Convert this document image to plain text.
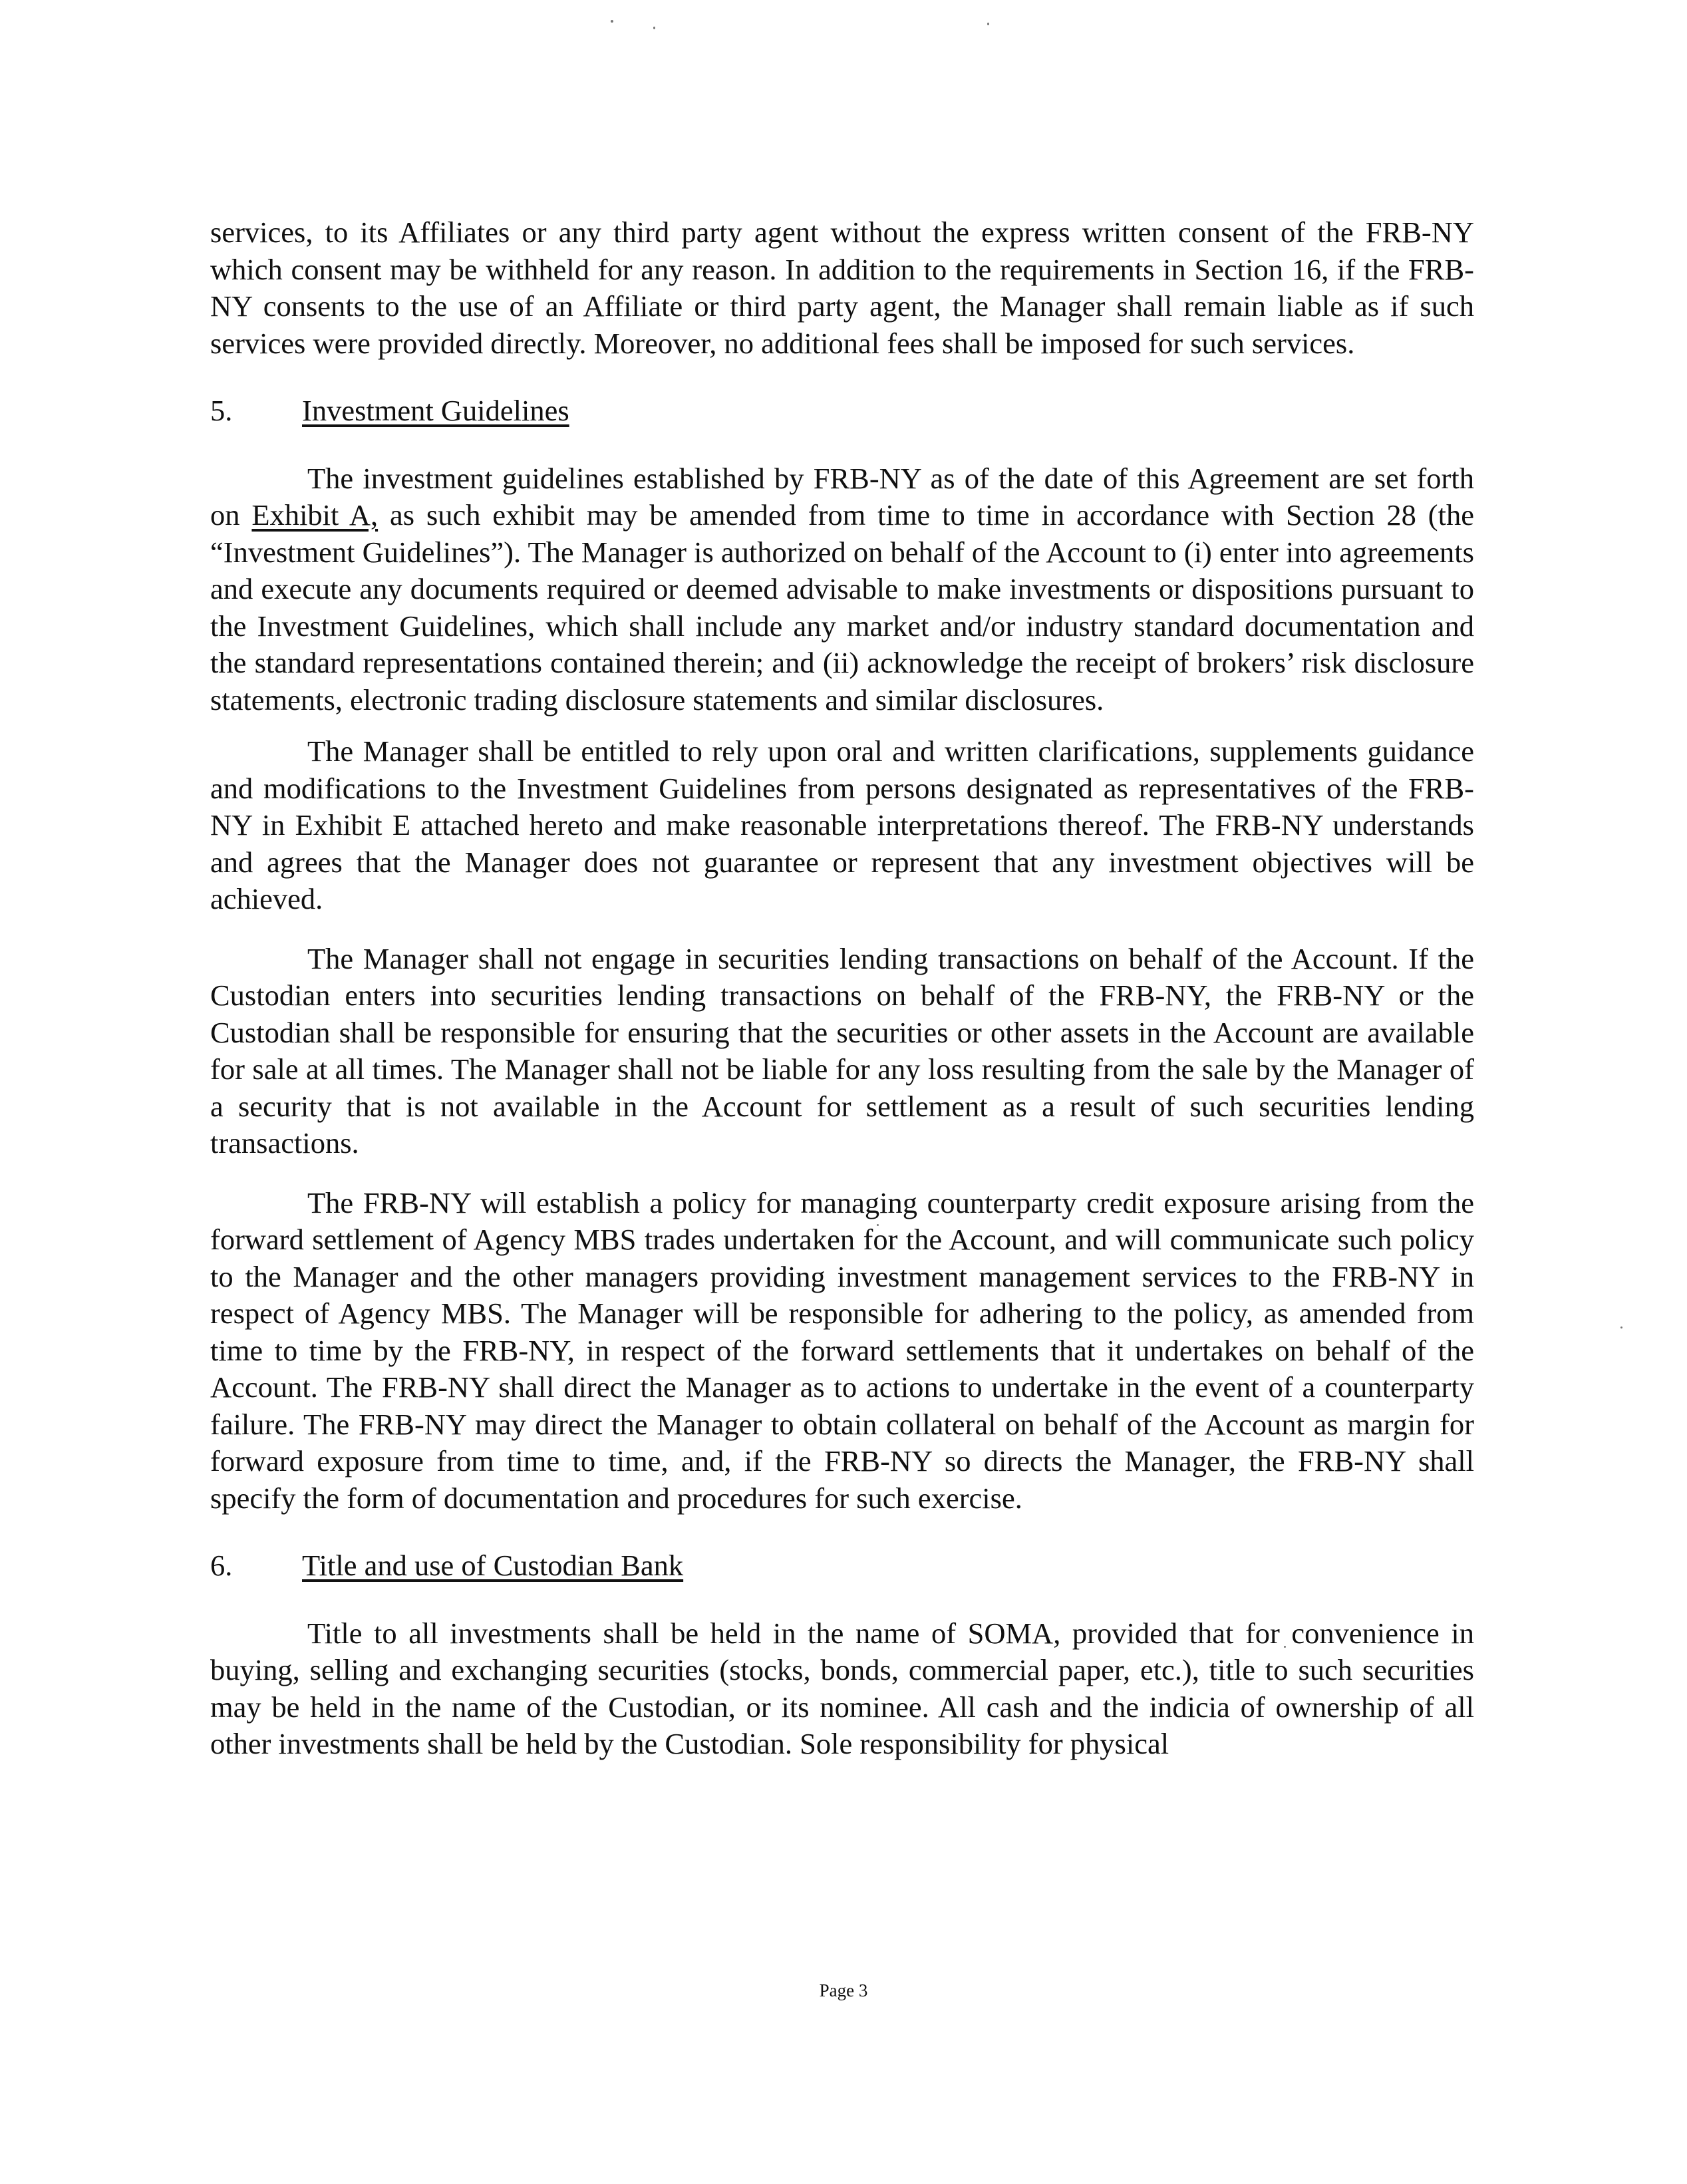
services, to its Affiliates or any third party agent without the express written consent of the FRB-NY which consent may be withheld for any reason. In addition to the requirements in Section 16, if the FRB-NY consents to the use of an Affiliate or third party agent, the Manager shall remain liable as if such services were provided directly. Moreover, no additional fees shall be imposed for such services.

5.	Investment Guidelines

The investment guidelines established by FRB-NY as of the date of this Agreement are set forth on Exhibit A, as such exhibit may be amended from time to time in accordance with Section 28 (the “Investment Guidelines”). The Manager is authorized on behalf of the Account to (i) enter into agreements and execute any documents required or deemed advisable to make investments or dispositions pursuant to the Investment Guidelines, which shall include any market and/or industry standard documentation and the standard representations contained therein; and (ii) acknowledge the receipt of brokers’ risk disclosure statements, electronic trading disclosure statements and similar disclosures.

The Manager shall be entitled to rely upon oral and written clarifications, supplements guidance and modifications to the Investment Guidelines from persons designated as representatives of the FRB-NY in Exhibit E attached hereto and make reasonable interpretations thereof. The FRB-NY understands and agrees that the Manager does not guarantee or represent that any investment objectives will be achieved.

The Manager shall not engage in securities lending transactions on behalf of the Account. If the Custodian enters into securities lending transactions on behalf of the FRB-NY, the FRB-NY or the Custodian shall be responsible for ensuring that the securities or other assets in the Account are available for sale at all times. The Manager shall not be liable for any loss resulting from the sale by the Manager of a security that is not available in the Account for settlement as a result of such securities lending transactions.

The FRB-NY will establish a policy for managing counterparty credit exposure arising from the forward settlement of Agency MBS trades undertaken for the Account, and will communicate such policy to the Manager and the other managers providing investment management services to the FRB-NY in respect of Agency MBS. The Manager will be responsible for adhering to the policy, as amended from time to time by the FRB-NY, in respect of the forward settlements that it undertakes on behalf of the Account. The FRB-NY shall direct the Manager as to actions to undertake in the event of a counterparty failure. The FRB-NY may direct the Manager to obtain collateral on behalf of the Account as margin for forward exposure from time to time, and, if the FRB-NY so directs the Manager, the FRB-NY shall specify the form of documentation and procedures for such exercise.

6.	Title and use of Custodian Bank

Title to all investments shall be held in the name of SOMA, provided that for convenience in buying, selling and exchanging securities (stocks, bonds, commercial paper, etc.), title to such securities may be held in the name of the Custodian, or its nominee. All cash and the indicia of ownership of all other investments shall be held by the Custodian. Sole responsibility for physical

Page 3
